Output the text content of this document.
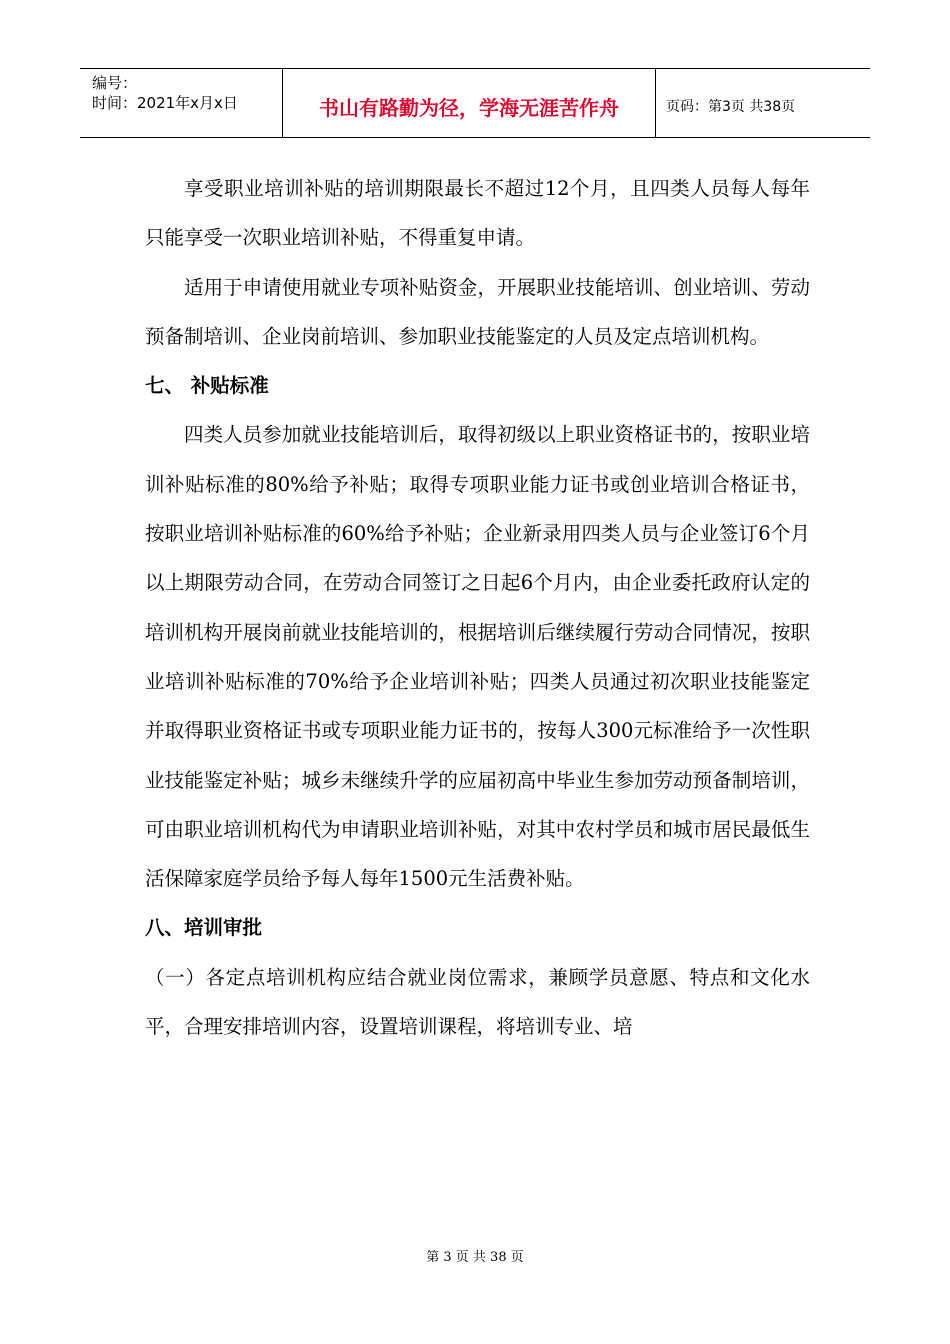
编号：
时间：2021年x月x日	书山有路勤为径，学海无涯苦作舟	页码：第3页 共38页

享受职业培训补贴的培训期限最长不超过12个月，且四类人员每人每年只能享受一次职业培训补贴，不得重复申请。

适用于申请使用就业专项补贴资金，开展职业技能培训、创业培训、劳动预备制培训、企业岗前培训、参加职业技能鉴定的人员及定点培训机构。

七、 补贴标准

四类人员参加就业技能培训后，取得初级以上职业资格证书的，按职业培训补贴标准的80%给予补贴；取得专项职业能力证书或创业培训合格证书，按职业培训补贴标准的60%给予补贴；企业新录用四类人员与企业签订6个月以上期限劳动合同，在劳动合同签订之日起6个月内，由企业委托政府认定的培训机构开展岗前就业技能培训的，根据培训后继续履行劳动合同情况，按职业培训补贴标准的70%给予企业培训补贴；四类人员通过初次职业技能鉴定并取得职业资格证书或专项职业能力证书的，按每人300元标准给予一次性职业技能鉴定补贴；城乡未继续升学的应届初高中毕业生参加劳动预备制培训，可由职业培训机构代为申请职业培训补贴，对其中农村学员和城市居民最低生活保障家庭学员给予每人每年1500元生活费补贴。

八、培训审批

（一）各定点培训机构应结合就业岗位需求，兼顾学员意愿、特点和文化水平，合理安排培训内容，设置培训课程，将培训专业、培

第 3 页 共 38 页
